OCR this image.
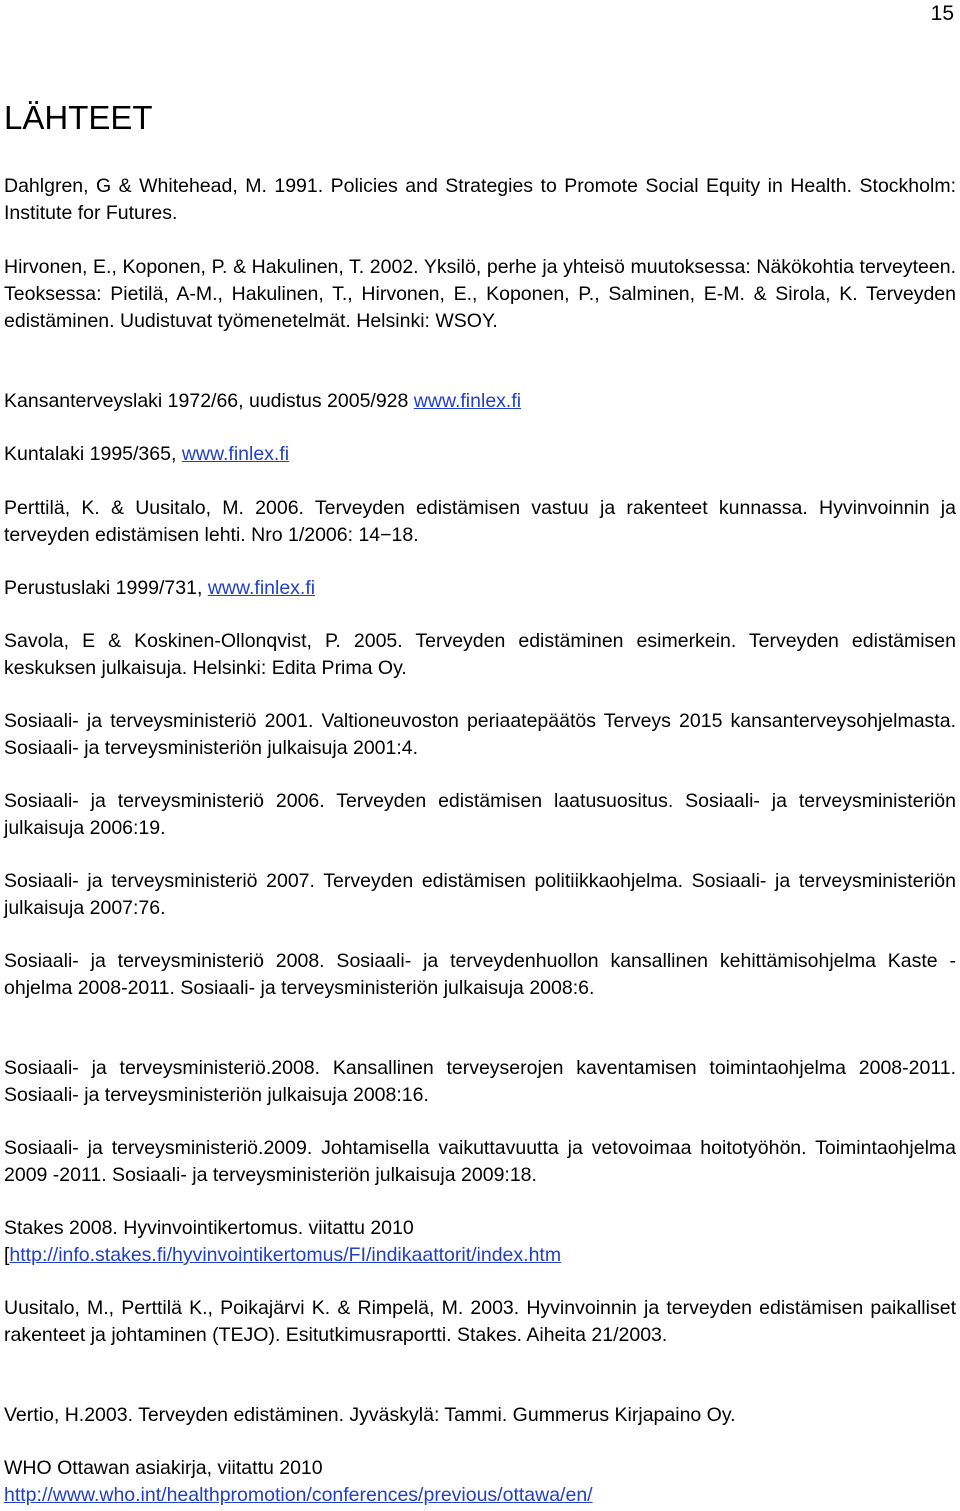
15
LÄHTEET
Dahlgren, G & Whitehead, M. 1991. Policies and Strategies to Promote Social Equity in Health. Stockholm: Institute for Futures.
Hirvonen, E., Koponen, P. & Hakulinen, T. 2002. Yksilö, perhe ja yhteisö muutoksessa: Näkökohtia terveyteen. Teoksessa: Pietilä, A-M., Hakulinen, T., Hirvonen, E., Koponen, P., Salminen, E-M. & Sirola, K. Terveyden edistäminen. Uudistuvat työmenetelmät. Helsinki: WSOY.
Kansanterveyslaki 1972/66, uudistus 2005/928 www.finlex.fi
Kuntalaki 1995/365, www.finlex.fi
Perttilä, K. & Uusitalo, M. 2006. Terveyden edistämisen vastuu ja rakenteet kunnassa. Hyvinvoinnin ja terveyden edistämisen lehti. Nro 1/2006: 14−18.
Perustuslaki 1999/731, www.finlex.fi
Savola, E & Koskinen-Ollonqvist, P. 2005. Terveyden edistäminen esimerkein. Terveyden edistämisen keskuksen julkaisuja. Helsinki: Edita Prima Oy.
Sosiaali- ja terveysministeriö 2001. Valtioneuvoston periaatepäätös Terveys 2015 kansanterveysohjelmasta. Sosiaali- ja terveysministeriön julkaisuja 2001:4.
Sosiaali- ja terveysministeriö 2006. Terveyden edistämisen laatusuositus. Sosiaali- ja terveysministeriön julkaisuja 2006:19.
Sosiaali- ja terveysministeriö 2007. Terveyden edistämisen politiikkaohjelma. Sosiaali- ja terveysministeriön julkaisuja 2007:76.
Sosiaali- ja terveysministeriö 2008. Sosiaali- ja terveydenhuollon kansallinen kehittämisohjelma Kaste -ohjelma 2008-2011. Sosiaali- ja terveysministeriön julkaisuja 2008:6.
Sosiaali- ja terveysministeriö.2008. Kansallinen terveyserojen kaventamisen toimintaohjelma 2008-2011. Sosiaali- ja terveysministeriön julkaisuja 2008:16.
Sosiaali- ja terveysministeriö.2009. Johtamisella vaikuttavuutta ja vetovoimaa hoitotyöhön. Toimintaohjelma 2009 -2011. Sosiaali- ja terveysministeriön julkaisuja 2009:18.
Stakes 2008. Hyvinvointikertomus. viitattu 2010
[http://info.stakes.fi/hyvinvointikertomus/FI/indikaattorit/index.htm
Uusitalo, M., Perttilä K., Poikajärvi K. & Rimpelä, M. 2003. Hyvinvoinnin ja terveyden edistämisen paikalliset rakenteet ja johtaminen (TEJO). Esitutkimusraportti. Stakes. Aiheita 21/2003.
Vertio, H.2003. Terveyden edistäminen. Jyväskylä: Tammi. Gummerus Kirjapaino Oy.
WHO Ottawan asiakirja, viitattu 2010
http://www.who.int/healthpromotion/conferences/previous/ottawa/en/
